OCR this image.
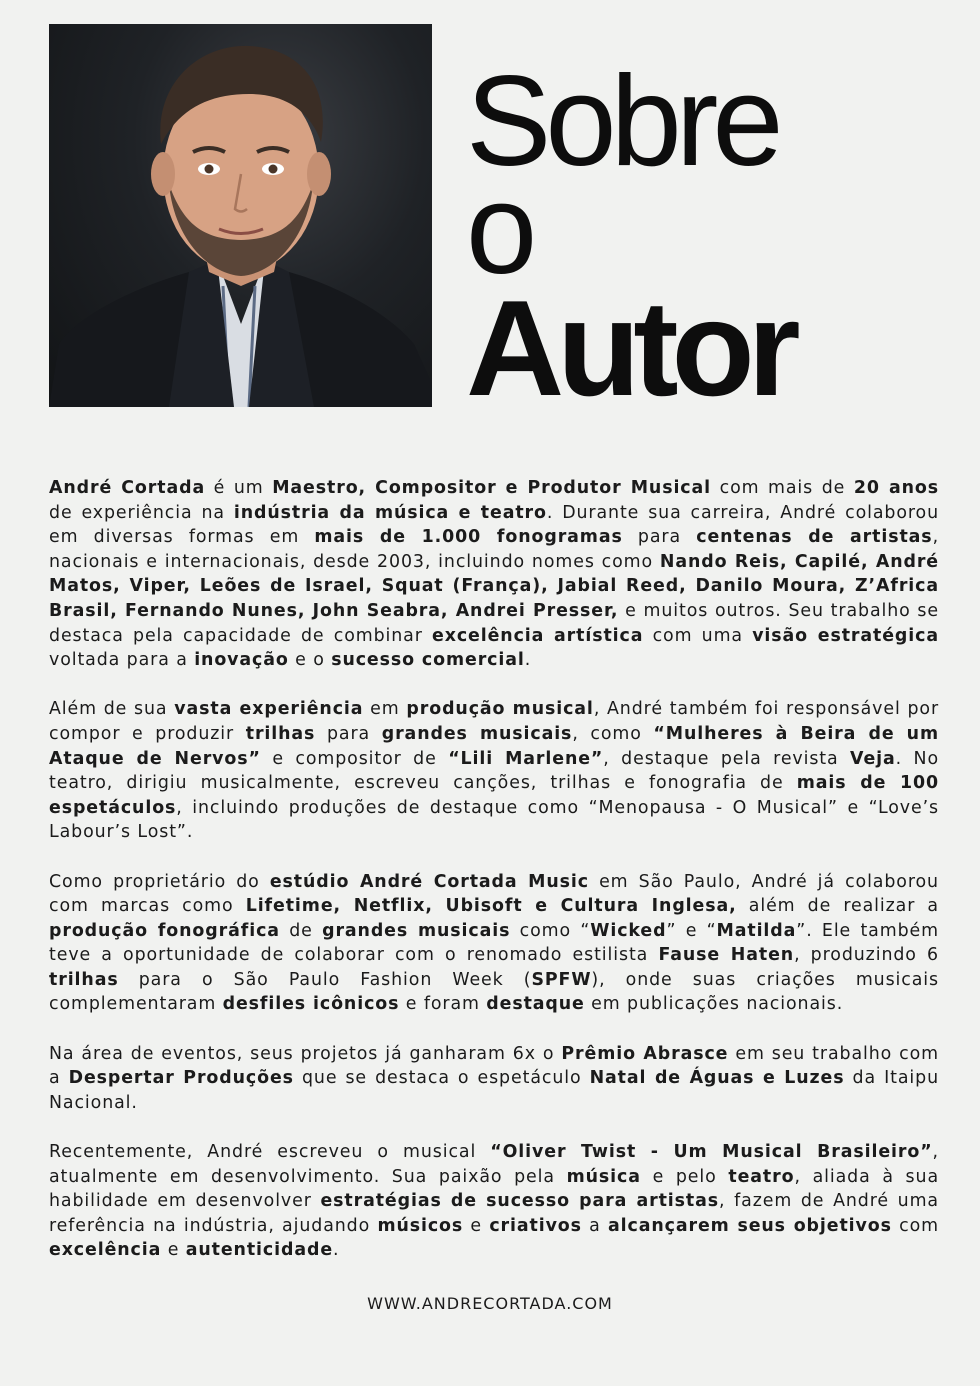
Sobre
o
Autor

André Cortada é um Maestro, Compositor e Produtor Musical com mais de 20 anos de experiência na indústria da música e teatro. Durante sua carreira, André colaborou em diversas formas em mais de 1.000 fonogramas para centenas de artistas, nacionais e internacionais, desde 2003, incluindo nomes como Nando Reis, Capilé, André Matos, Viper, Leões de Israel, Squat (França), Jabial Reed, Danilo Moura, Z’Africa Brasil, Fernando Nunes, John Seabra, Andrei Presser, e muitos outros. Seu trabalho se destaca pela capacidade de combinar excelência artística com uma visão estratégica voltada para a inovação e o sucesso comercial.

Além de sua vasta experiência em produção musical, André também foi responsável por compor e produzir trilhas para grandes musicais, como “Mulheres à Beira de um Ataque de Nervos” e compositor de “Lili Marlene”, destaque pela revista Veja. No teatro, dirigiu musicalmente, escreveu canções, trilhas e fonografia de mais de 100 espetáculos, incluindo produções de destaque como “Menopausa - O Musical” e “Love’s Labour’s Lost”.

Como proprietário do estúdio André Cortada Music em São Paulo, André já colaborou com marcas como Lifetime, Netflix, Ubisoft e Cultura Inglesa, além de realizar a produção fonográfica de grandes musicais como “Wicked” e “Matilda”. Ele também teve a oportunidade de colaborar com o renomado estilista Fause Haten, produzindo 6 trilhas para o São Paulo Fashion Week (SPFW), onde suas criações musicais complementaram desfiles icônicos e foram destaque em publicações nacionais.

Na área de eventos, seus projetos já ganharam 6x o Prêmio Abrasce em seu trabalho com a Despertar Produções que se destaca o espetáculo Natal de Águas e Luzes da Itaipu Nacional.

Recentemente, André escreveu o musical “Oliver Twist - Um Musical Brasileiro”, atualmente em desenvolvimento. Sua paixão pela música e pelo teatro, aliada à sua habilidade em desenvolver estratégias de sucesso para artistas, fazem de André uma referência na indústria, ajudando músicos e criativos a alcançarem seus objetivos com excelência e autenticidade.

WWW.ANDRECORTADA.COM
